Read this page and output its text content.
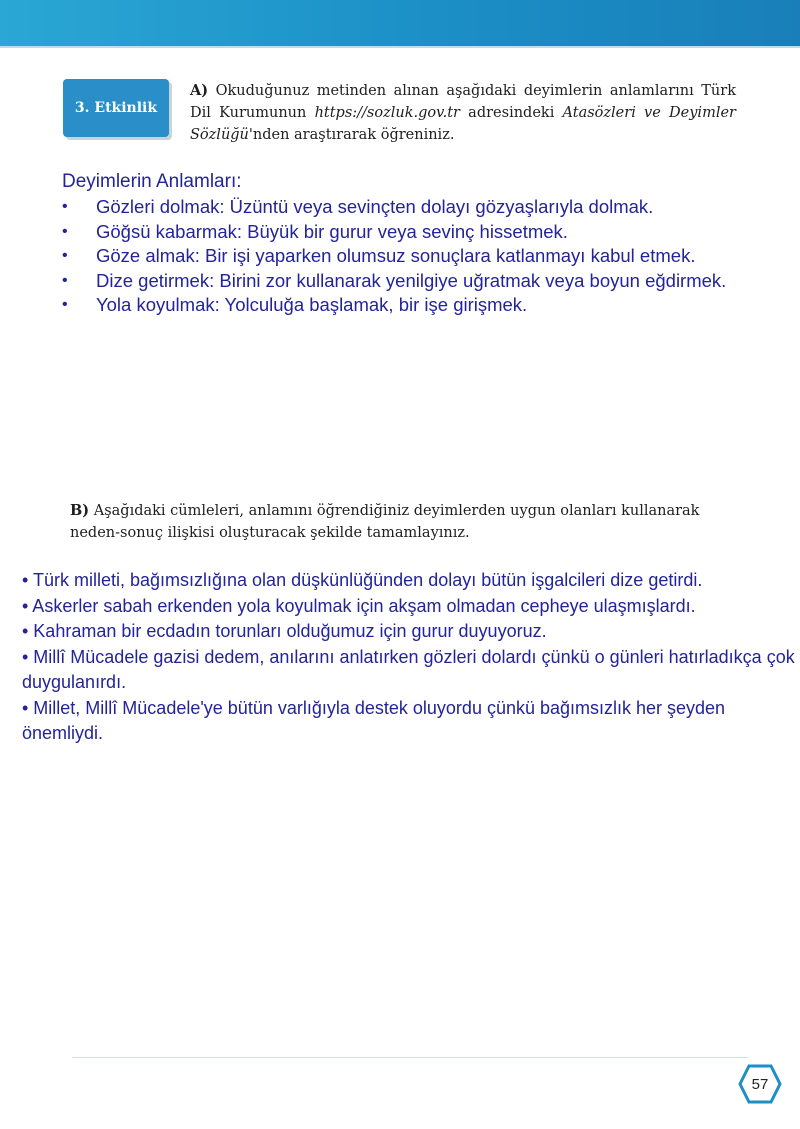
3. Etkinlik

A) Okuduğunuz metinden alınan aşağıdaki deyimlerin anlamlarını Türk Dil Kurumunun https://sozluk.gov.tr adresindeki Atasözleri ve Deyimler Sözlüğü'nden araştırarak öğreniniz.

Deyimlerin Anlamları:

• Gözleri dolmak: Üzüntü veya sevinçten dolayı gözyaşlarıyla dolmak.
• Göğsü kabarmak: Büyük bir gurur veya sevinç hissetmek.
• Göze almak: Bir işi yaparken olumsuz sonuçlara katlanmayı kabul etmek.
• Dize getirmek: Birini zor kullanarak yenilgiye uğratmak veya boyun eğdirmek.
• Yola koyulmak: Yolculuğa başlamak, bir işe girişmek.

B) Aşağıdaki cümleleri, anlamını öğrendiğiniz deyimlerden uygun olanları kullanarak neden-sonuç ilişkisi oluşturacak şekilde tamamlayınız.

• Türk milleti, bağımsızlığına olan düşkünlüğünden dolayı bütün işgalcileri dize getirdi.
• Askerler sabah erkenden yola koyulmak için akşam olmadan cepheye ulaşmışlardı.
• Kahraman bir ecdadın torunları olduğumuz için gurur duyuyoruz.
• Millî Mücadele gazisi dedem, anılarını anlatırken gözleri dolardı çünkü o günleri hatırladıkça çok duygulanırdı.
• Millet, Millî Mücadele'ye bütün varlığıyla destek oluyordu çünkü bağımsızlık her şeyden önemliydi.
57
